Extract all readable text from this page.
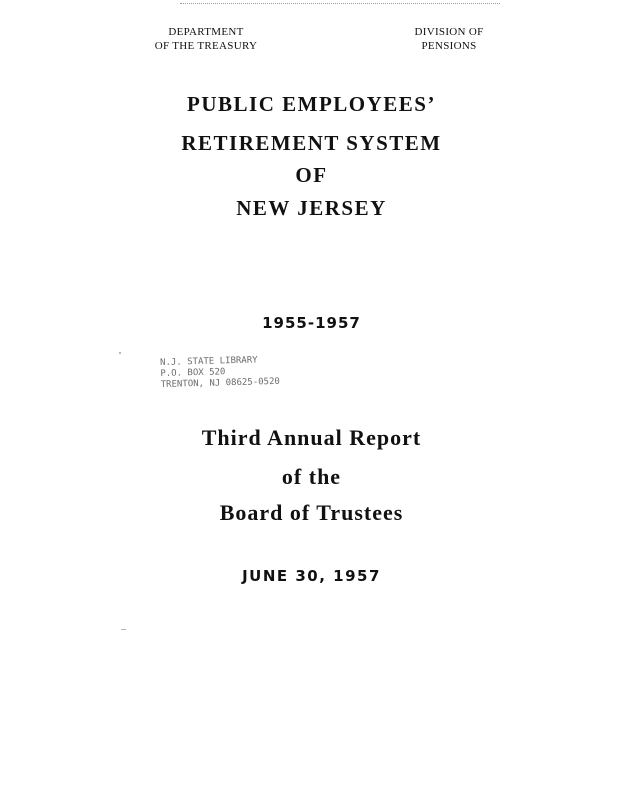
DEPARTMENT
OF THE TREASURY
DIVISION OF
PENSIONS
PUBLIC EMPLOYEES’
RETIREMENT SYSTEM
OF
NEW JERSEY
1955-1957
N.J. STATE LIBRARY
P.O. BOX 520
TRENTON, NJ 08625-0520
Third Annual Report
of the
Board of Trustees
JUNE 30, 1957
